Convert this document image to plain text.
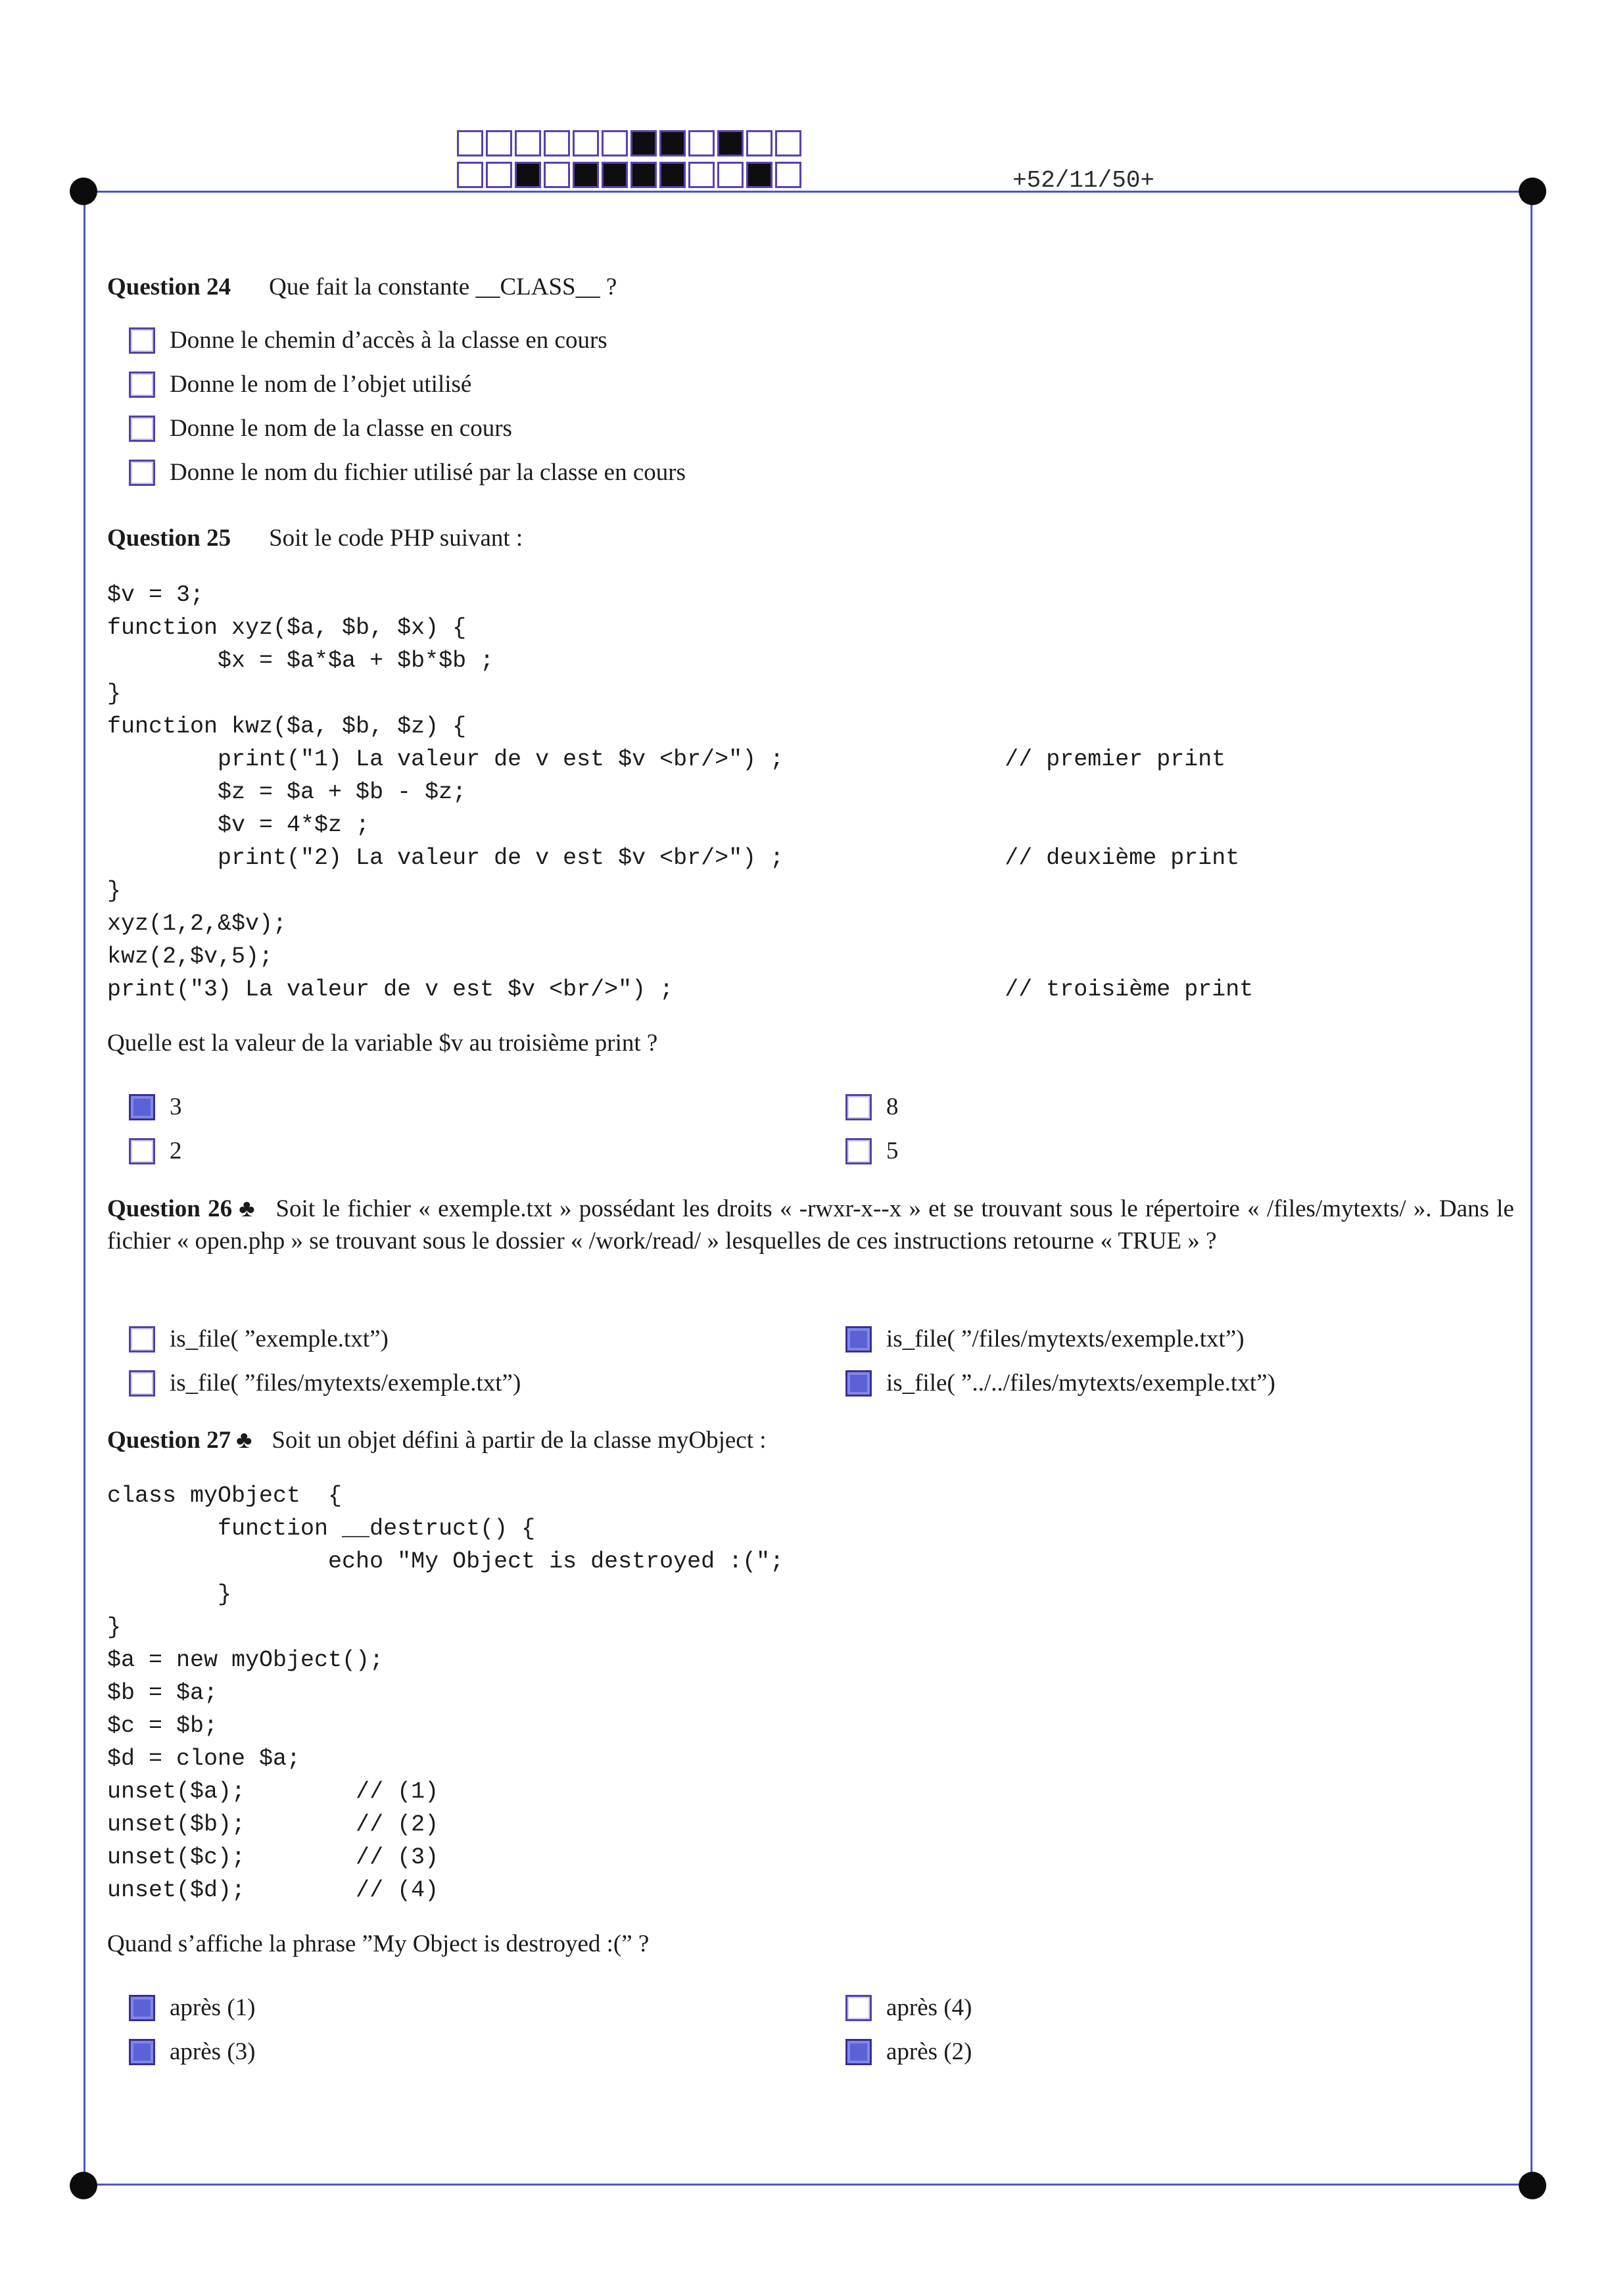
+52/11/50+
Question 24 Que fait la constante __CLASS__ ?
Donne le chemin d’accès à la classe en cours
Donne le nom de l’objet utilisé
Donne le nom de la classe en cours
Donne le nom du fichier utilisé par la classe en cours
Question 25 Soit le code PHP suivant :
$v = 3;
function xyz($a, $b, $x) {
$x = $a*$a + $b*$b ;
}
function kwz($a, $b, $z) {
print("1) La valeur de v est $v <br/>") ;                // premier print
$z = $a + $b - $z;
$v = 4*$z ;
print("2) La valeur de v est $v <br/>") ;                // deuxième print
}
xyz(1,2,&$v);
kwz(2,$v,5);
print("3) La valeur de v est $v <br/>") ;                        // troisième print
Quelle est la valeur de la variable $v au troisième print ?
3	8
2	5
Question 26 ♣ Soit le fichier « exemple.txt » possédant les droits « -rwxr-x--x » et se trouvant sous le répertoire « /files/mytexts/ ». Dans le fichier « open.php » se trouvant sous le dossier « /work/read/ » lesquelles de ces instructions retourne « TRUE » ?
is_file( ”exemple.txt”)	is_file( ”/files/mytexts/exemple.txt”)
is_file( ”files/mytexts/exemple.txt”)	is_file( ”../../files/mytexts/exemple.txt”)
Question 27 ♣ Soit un objet défini à partir de la classe myObject :
class myObject  {
function __destruct() {
echo "My Object is destroyed :(";
}
}
$a = new myObject();
$b = $a;
$c = $b;
$d = clone $a;
unset($a);        // (1)
unset($b);        // (2)
unset($c);        // (3)
unset($d);        // (4)
Quand s’affiche la phrase ”My Object is destroyed :(” ?
après (1)	après (4)
après (3)	après (2)
